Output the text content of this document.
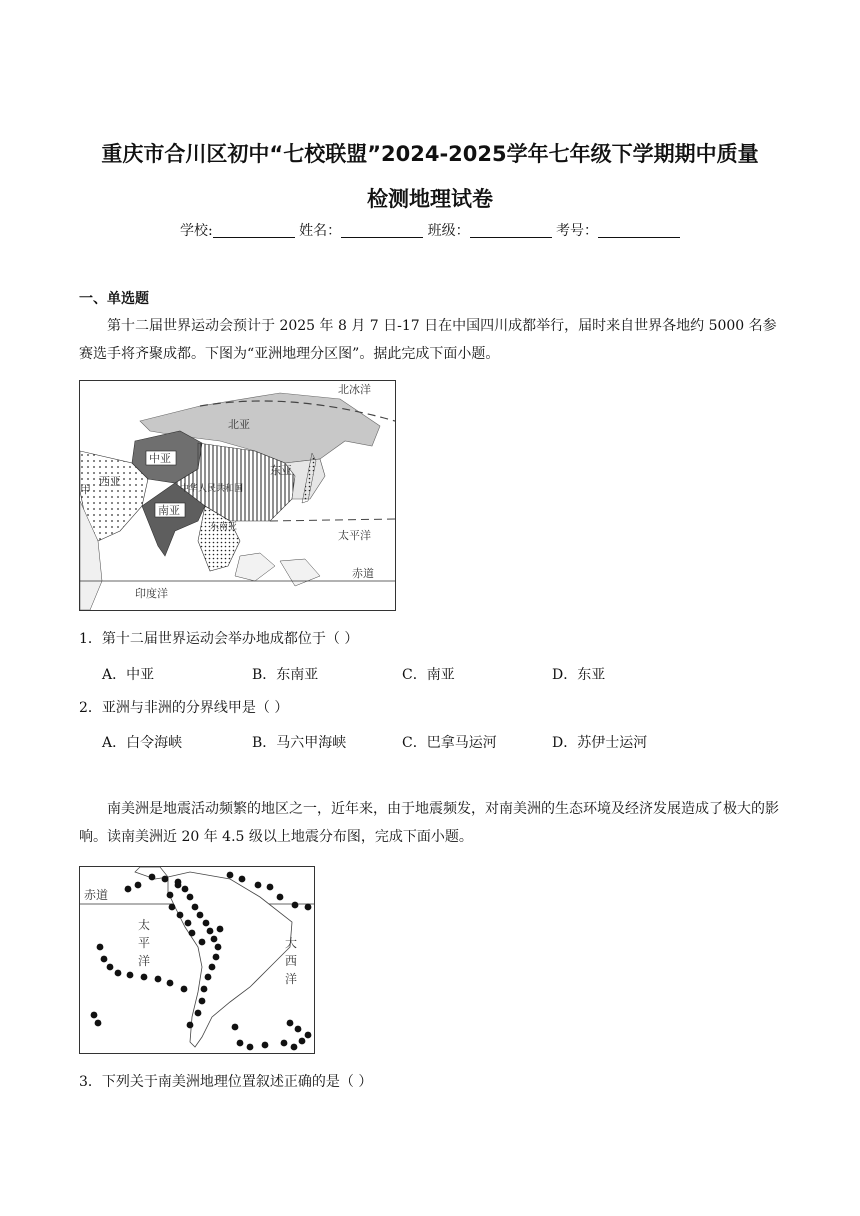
重庆市合川区初中“七校联盟”2024-2025学年七年级下学期期中质量
检测地理试卷
学校:	姓名：	班级：	考号：
一、单选题
第十二届世界运动会预计于 2025 年 8 月 7 日-17 日在中国四川成都举行，届时来自世界各地约 5000 名参赛选手将齐聚成都。下图为“亚洲地理分区图”。据此完成下面小题。
北冰洋
北亚
中亚
东亚
西亚
甲	中华人民共和国
南亚
东南亚
太平洋
赤道
印度洋
1．第十二届世界运动会举办地成都位于（ ）
A．中亚	B．东南亚	C．南亚	D．东亚
2．亚洲与非洲的分界线甲是（ ）
A．白令海峡	B．马六甲海峡	C．巴拿马运河	D．苏伊士运河
南美洲是地震活动频繁的地区之一，近年来，由于地震频发，对南美洲的生态环境及经济发展造成了极大的影响。读南美洲近 20 年 4.5 级以上地震分布图，完成下面小题。
赤道
太
平
洋
大
西
洋
3．下列关于南美洲地理位置叙述正确的是（ ）
